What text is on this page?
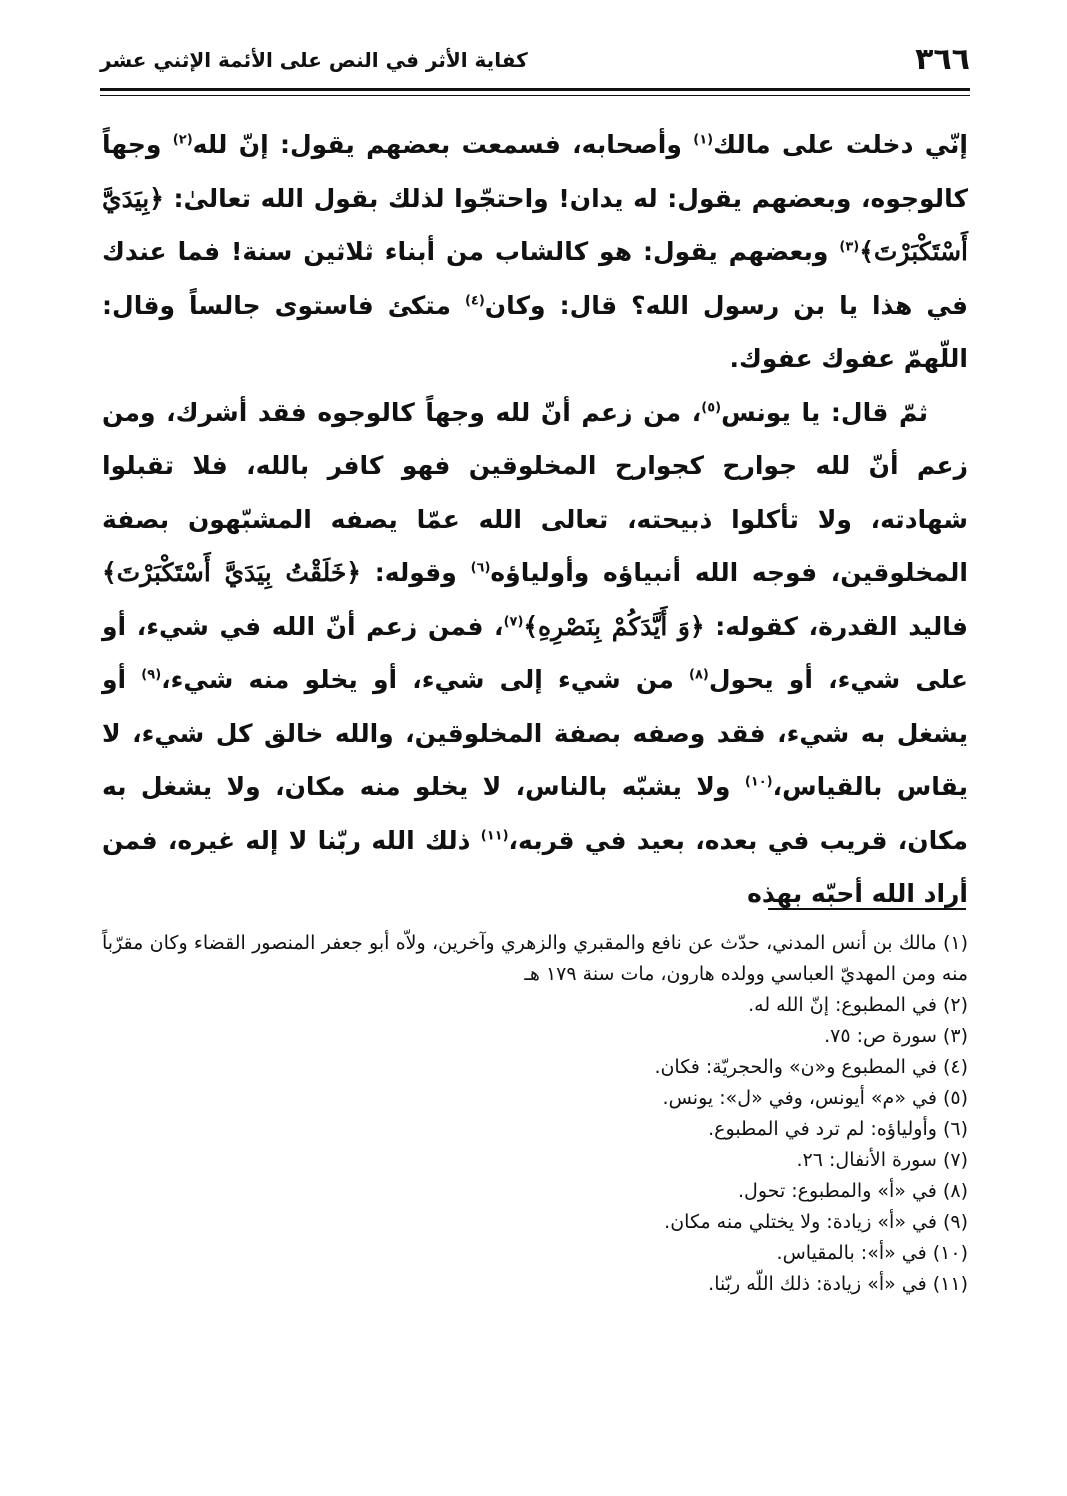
٣٦٦
كفاية الأثر في النص على الأئمة الإثني عشر

إنّي دخلت على مالك$^{(١)}$ وأصحابه، فسمعت بعضهم يقول: إنّ لله$^{(٢)}$ وجهاً كالوجوه، وبعضهم يقول: له يدان! واحتجّوا لذلك بقول الله تعالىٰ: ﴿بِيَدَيَّ أَسْتَكْبَرْتَ﴾$^{(٣)}$ وبعضهم يقول: هو كالشاب من أبناء ثلاثين سنة! فما عندك في هذا يا بن رسول الله؟ قال: وكان$^{(٤)}$ متكئ فاستوى جالساً وقال: اللّهمّ عفوك عفوك.

ثمّ قال: يا يونس$^{(٥)}$، من زعم أنّ لله وجهاً كالوجوه فقد أشرك، ومن زعم أنّ لله جوارح كجوارح المخلوقين فهو كافر بالله، فلا تقبلوا شهادته، ولا تأكلوا ذبيحته، تعالى الله عمّا يصفه المشبّهون بصفة المخلوقين، فوجه الله أنبياؤه وأولياؤه$^{(٦)}$ وقوله: ﴿خَلَقْتُ بِيَدَيَّ أَسْتَكْبَرْتَ﴾ فاليد القدرة، كقوله: ﴿وَ أَيَّدَكُمْ بِنَصْرِهِ﴾$^{(٧)}$، فمن زعم أنّ الله في شيء، أو على شيء، أو يحول$^{(٨)}$ من شيء إلى شيء، أو يخلو منه شيء،$^{(٩)}$ أو يشغل به شيء، فقد وصفه بصفة المخلوقين، والله خالق كل شيء، لا يقاس بالقياس،$^{(١٠)}$ ولا يشبّه بالناس، لا يخلو منه مكان، ولا يشغل به مكان، قريب في بعده، بعيد في قربه،$^{(١١)}$ ذلك الله ربّنا لا إله غيره، فمن أراد الله أحبّه بهذه

(١) مالك بن أنس المدني، حدّث عن نافع والمقبري والزهري وآخرين، ولاّه أبو جعفر المنصور القضاء وكان مقرّباً منه ومن المهديّ العباسي وولده هارون، مات سنة ١٧٩ هـ

(٢) في المطبوع: إنّ الله له.

(٣) سورة ص: ٧٥.

(٤) في المطبوع و«ن» والحجريّة: فكان.

(٥) في «م» أيونس، وفي «ل»: يونس.

(٦) وأولياؤه: لم ترد في المطبوع.

(٧) سورة الأنفال: ٢٦.

(٨) في «أ» والمطبوع: تحول.

(٩) في «أ» زيادة: ولا يختلي منه مكان.

(١٠) في «أ»: بالمقياس.

(١١) في «أ» زيادة: ذلك اللّه ربّنا.
